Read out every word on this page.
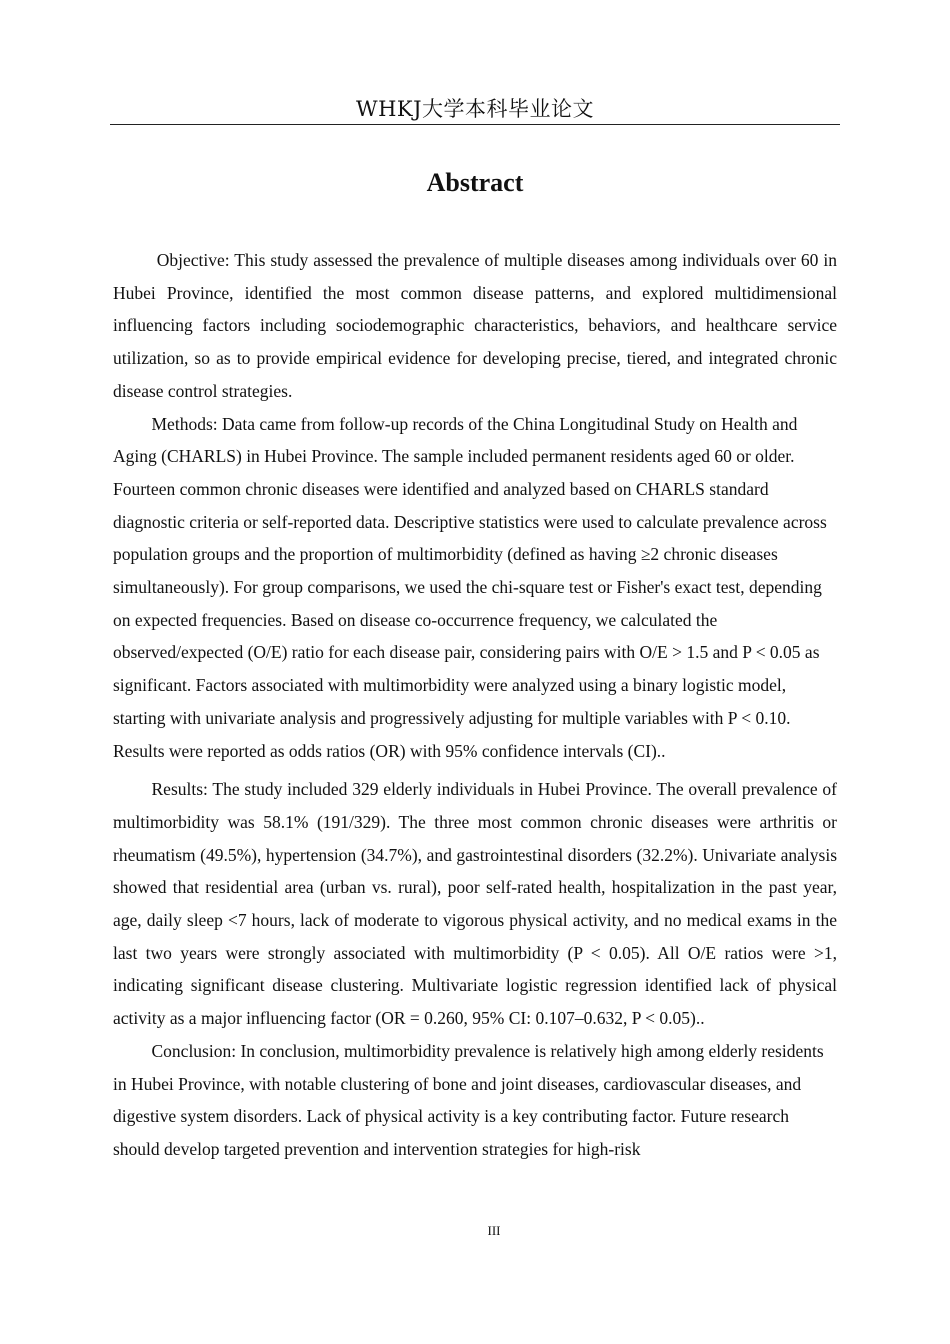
WHKJ大学本科毕业论文
Abstract

Objective: This study assessed the prevalence of multiple diseases among individuals over 60 in Hubei Province, identified the most common disease patterns, and explored multidimensional influencing factors including sociodemographic characteristics, behaviors, and healthcare service utilization, so as to provide empirical evidence for developing precise, tiered, and integrated chronic disease control strategies.

Methods: Data came from follow-up records of the China Longitudinal Study on Health and Aging (CHARLS) in Hubei Province. The sample included permanent residents aged 60 or older. Fourteen common chronic diseases were identified and analyzed based on CHARLS standard diagnostic criteria or self-reported data. Descriptive statistics were used to calculate prevalence across population groups and the proportion of multimorbidity (defined as having ≥2 chronic diseases simultaneously). For group comparisons, we used the chi-square test or Fisher's exact test, depending on expected frequencies. Based on disease co-occurrence frequency, we calculated the observed/expected (O/E) ratio for each disease pair, considering pairs with O/E > 1.5 and P < 0.05 as significant. Factors associated with multimorbidity were analyzed using a binary logistic model, starting with univariate analysis and progressively adjusting for multiple variables with P < 0.10. Results were reported as odds ratios (OR) with 95% confidence intervals (CI)..

Results: The study included 329 elderly individuals in Hubei Province. The overall prevalence of multimorbidity was 58.1% (191/329). The three most common chronic diseases were arthritis or rheumatism (49.5%), hypertension (34.7%), and gastrointestinal disorders (32.2%). Univariate analysis showed that residential area (urban vs. rural), poor self-rated health, hospitalization in the past year, age, daily sleep <7 hours, lack of moderate to vigorous physical activity, and no medical exams in the last two years were strongly associated with multimorbidity (P < 0.05). All O/E ratios were >1, indicating significant disease clustering. Multivariate logistic regression identified lack of physical activity as a major influencing factor (OR = 0.260, 95% CI: 0.107–0.632, P < 0.05)..

Conclusion: In conclusion, multimorbidity prevalence is relatively high among elderly residents in Hubei Province, with notable clustering of bone and joint diseases, cardiovascular diseases, and digestive system disorders. Lack of physical activity is a key contributing factor. Future research should develop targeted prevention and intervention strategies for high-risk

III
